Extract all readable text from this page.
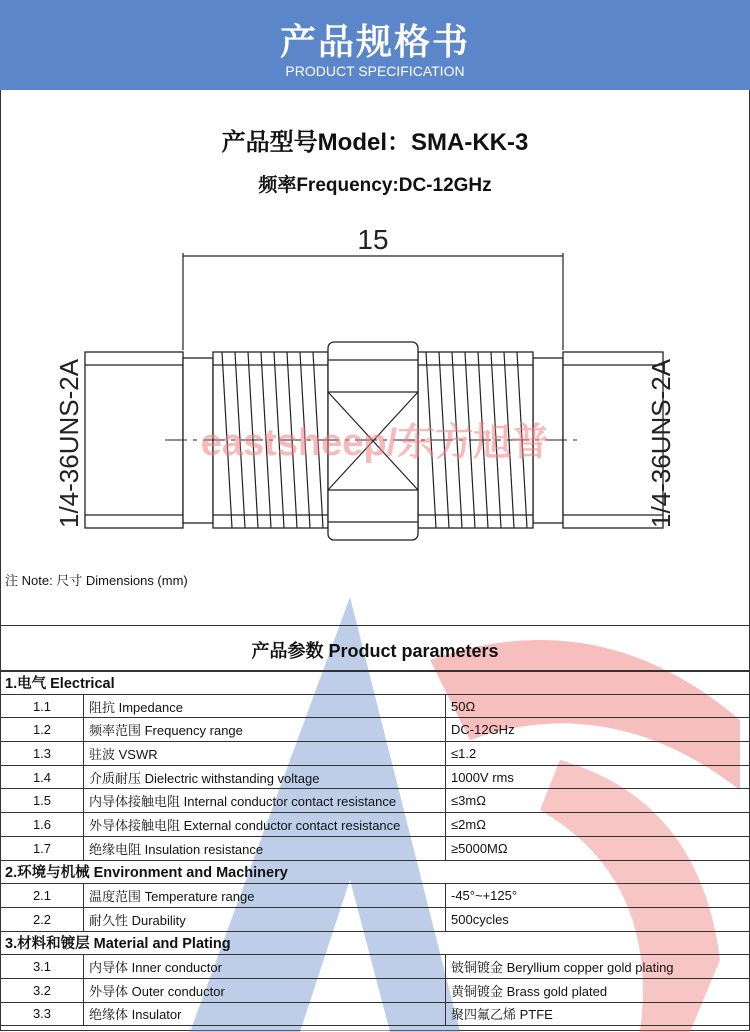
产品规格书
PRODUCT SPECIFICATION
产品型号Model：SMA-KK-3
频率Frequency:DC-12GHz
15
eastsheep/东方旭普
1/4-36UNS-2A	1/4-36UNS-2A
注 Note: 尺寸 Dimensions (mm)
产品参数 Product parameters
1.电气 Electrical		
1.1	阻抗 Impedance	50Ω
1.2	频率范围 Frequency range	DC-12GHz
1.3	驻波 VSWR	≤1.2
1.4	介质耐压 Dielectric withstanding voltage	1000V rms
1.5	内导体接触电阻 Internal conductor contact resistance	≤3mΩ
1.6	外导体接触电阻 External conductor contact resistance	≤2mΩ
1.7	绝缘电阻 Insulation resistance	≥5000MΩ
2.环境与机械 Environment and Machinery		
2.1	温度范围 Temperature range	-45°~+125°
2.2	耐久性 Durability	500cycles
3.材料和镀层 Material and Plating		
3.1	内导体 Inner conductor	铍铜镀金 Beryllium copper gold plating
3.2	外导体 Outer conductor	黄铜镀金 Brass gold plated
3.3	绝缘体 Insulator	聚四氟乙烯 PTFE
